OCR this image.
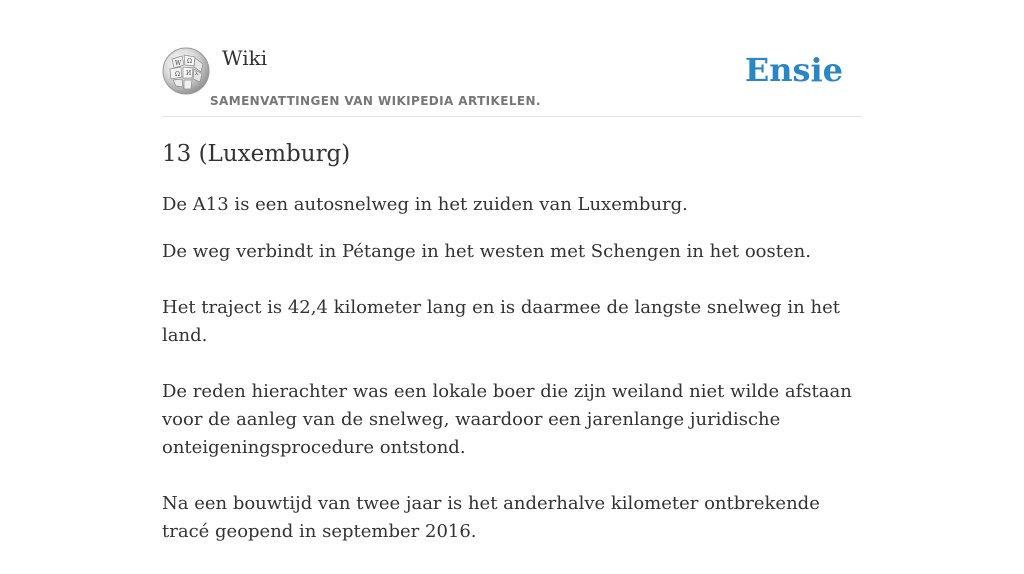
W Ω
Ω И λ
Wiki
SAMENVATTINGEN VAN WIKIPEDIA ARTIKELEN.
Ensie
13 (Luxemburg)

De A13 is een autosnelweg in het zuiden van Luxemburg.

De weg verbindt in Pétange in het westen met Schengen in het oosten.

Het traject is 42,4 kilometer lang en is daarmee de langste snelweg in het land.

De reden hierachter was een lokale boer die zijn weiland niet wilde afstaan voor de aanleg van de snelweg, waardoor een jarenlange juridische onteigeningsprocedure ontstond.

Na een bouwtijd van twee jaar is het anderhalve kilometer ontbrekende tracé geopend in september 2016.
